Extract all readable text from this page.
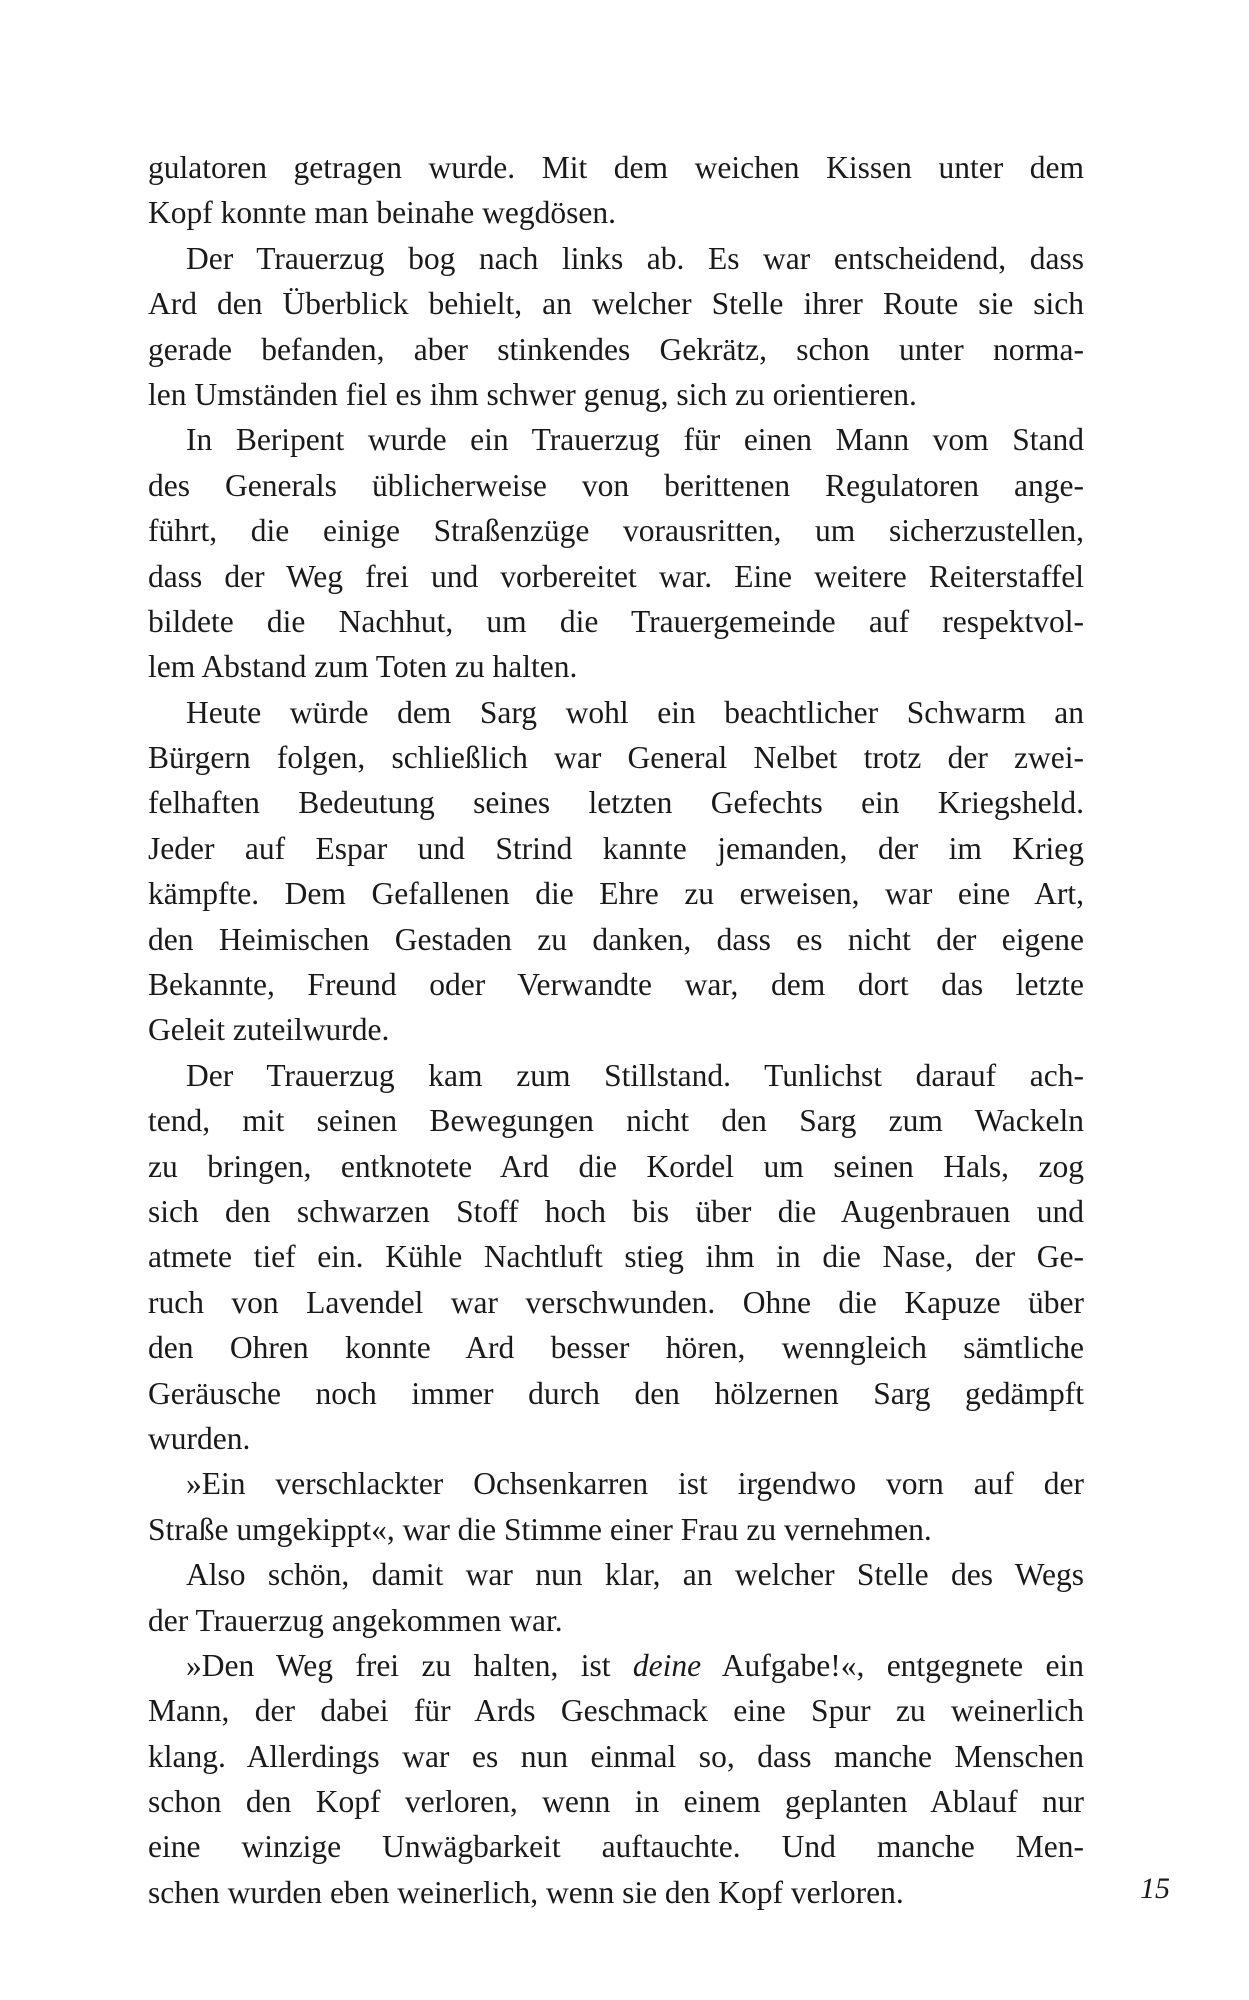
gulatoren getragen wurde. Mit dem weichen Kissen unter dem
Kopf konnte man beinahe wegdösen.
Der Trauerzug bog nach links ab. Es war entscheidend, dass
Ard den Überblick behielt, an welcher Stelle ihrer Route sie sich
gerade befanden, aber stinkendes Gekrätz, schon unter norma-
len Umständen fiel es ihm schwer genug, sich zu orientieren.
In Beripent wurde ein Trauerzug für einen Mann vom Stand
des Generals üblicherweise von berittenen Regulatoren ange-
führt, die einige Straßenzüge vorausritten, um sicherzustellen,
dass der Weg frei und vorbereitet war. Eine weitere Reiterstaffel
bildete die Nachhut, um die Trauergemeinde auf respektvol-
lem Abstand zum Toten zu halten.
Heute würde dem Sarg wohl ein beachtlicher Schwarm an
Bürgern folgen, schließlich war General Nelbet trotz der zwei-
felhaften Bedeutung seines letzten Gefechts ein Kriegsheld.
Jeder auf Espar und Strind kannte jemanden, der im Krieg
kämpfte. Dem Gefallenen die Ehre zu erweisen, war eine Art,
den Heimischen Gestaden zu danken, dass es nicht der eigene
Bekannte, Freund oder Verwandte war, dem dort das letzte
Geleit zuteilwurde.
Der Trauerzug kam zum Stillstand. Tunlichst darauf ach-
tend, mit seinen Bewegungen nicht den Sarg zum Wackeln
zu bringen, entknotete Ard die Kordel um seinen Hals, zog
sich den schwarzen Stoff hoch bis über die Augenbrauen und
atmete tief ein. Kühle Nachtluft stieg ihm in die Nase, der Ge-
ruch von Lavendel war verschwunden. Ohne die Kapuze über
den Ohren konnte Ard besser hören, wenngleich sämtliche
Geräusche noch immer durch den hölzernen Sarg gedämpft
wurden.
»Ein verschlackter Ochsenkarren ist irgendwo vorn auf der
Straße umgekippt«, war die Stimme einer Frau zu vernehmen.
Also schön, damit war nun klar, an welcher Stelle des Wegs
der Trauerzug angekommen war.
»Den Weg frei zu halten, ist deine Aufgabe!«, entgegnete ein
Mann, der dabei für Ards Geschmack eine Spur zu weinerlich
klang. Allerdings war es nun einmal so, dass manche Menschen
schon den Kopf verloren, wenn in einem geplanten Ablauf nur
eine winzige Unwägbarkeit auftauchte. Und manche Men-
schen wurden eben weinerlich, wenn sie den Kopf verloren.	15
